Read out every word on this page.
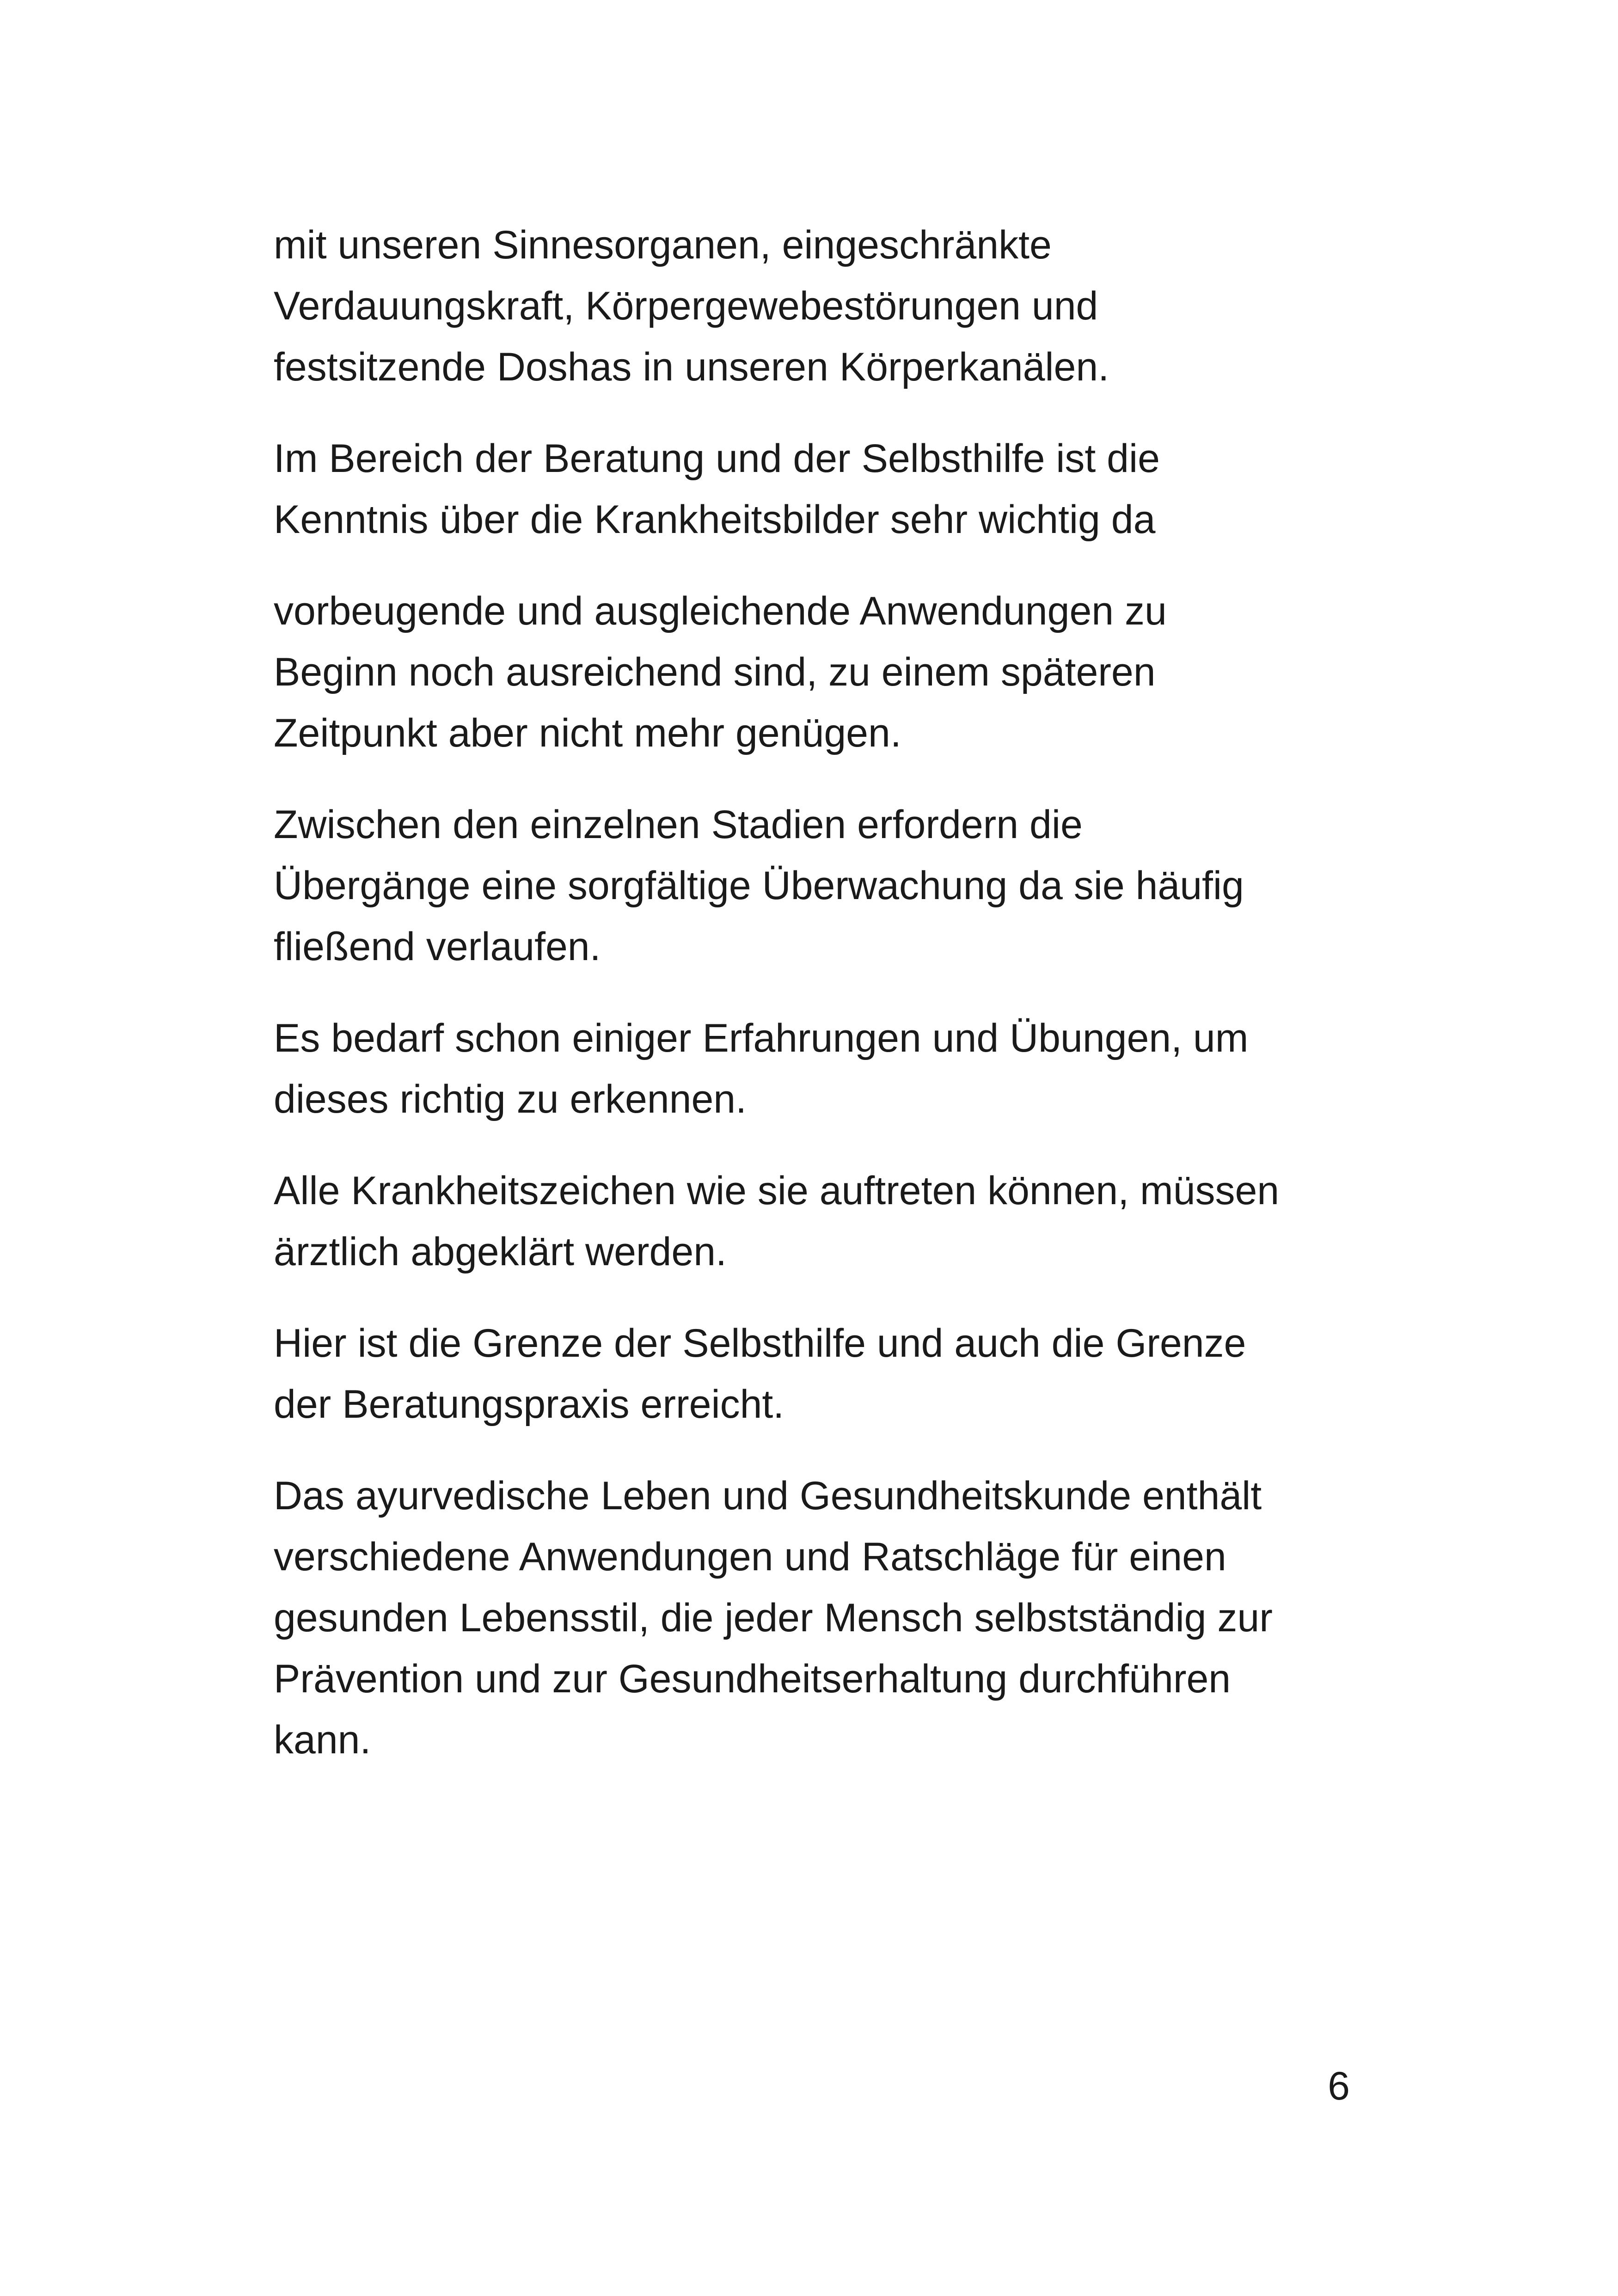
mit unseren Sinnesorganen, eingeschränkte
Verdauungskraft, Körpergewebestörungen und
festsitzende Doshas in unseren Körperkanälen.

Im Bereich der Beratung und der Selbsthilfe ist die
Kenntnis über die Krankheitsbilder sehr wichtig da

vorbeugende und ausgleichende Anwendungen zu
Beginn noch ausreichend sind, zu einem späteren
Zeitpunkt aber nicht mehr genügen.

Zwischen den einzelnen Stadien erfordern die
Übergänge eine sorgfältige Überwachung da sie häufig
fließend verlaufen.

Es bedarf schon einiger Erfahrungen und Übungen, um
dieses richtig zu erkennen.

Alle Krankheitszeichen wie sie auftreten können, müssen
ärztlich abgeklärt werden.

Hier ist die Grenze der Selbsthilfe und auch die Grenze
der Beratungspraxis erreicht.

Das ayurvedische Leben und Gesundheitskunde enthält
verschiedene Anwendungen und Ratschläge für einen
gesunden Lebensstil, die jeder Mensch selbstständig zur
Prävention und zur Gesundheitserhaltung durchführen
kann.

6
